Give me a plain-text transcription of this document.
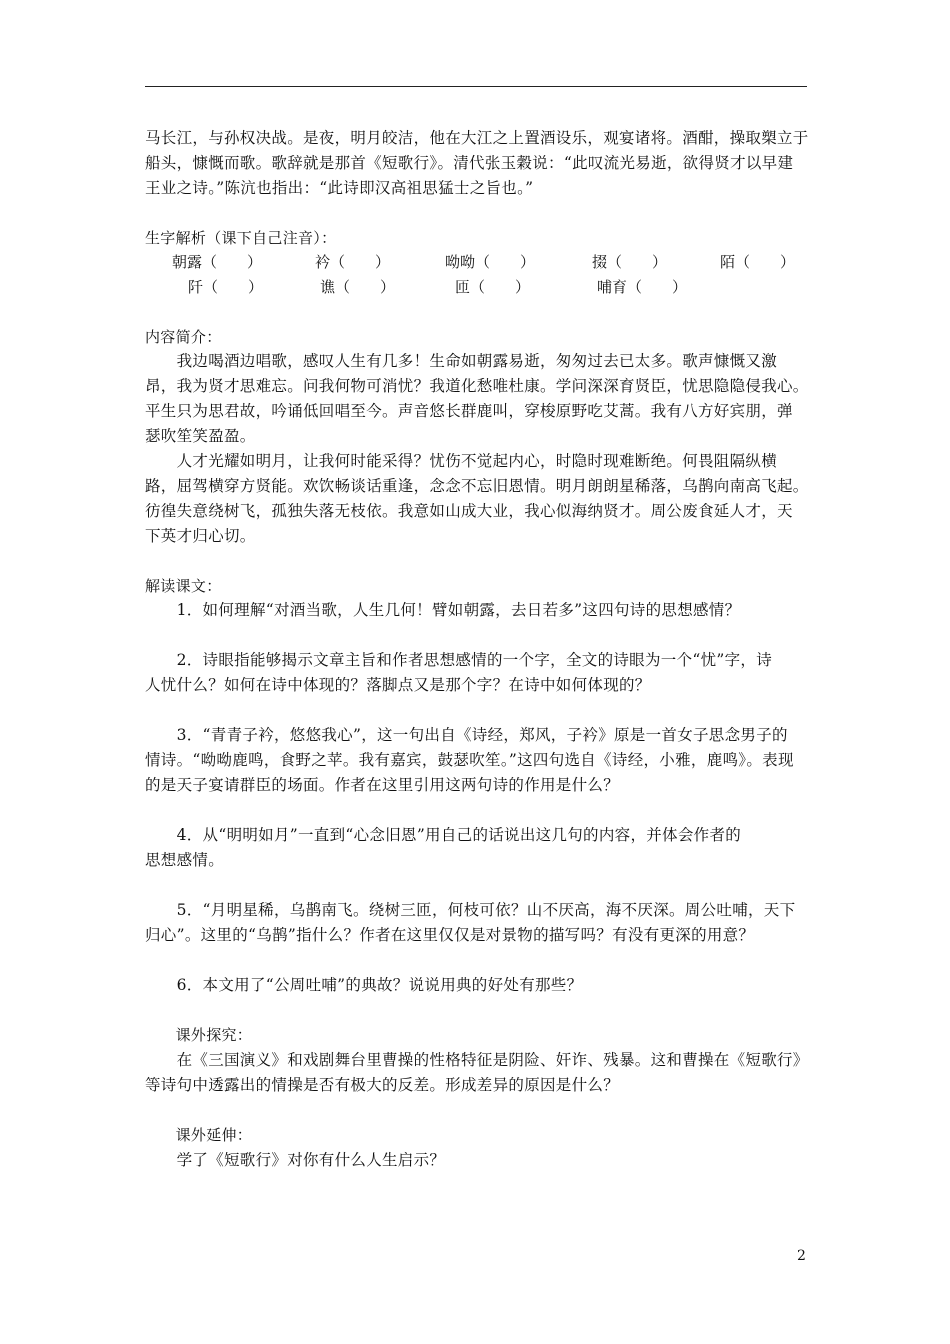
马长江，与孙权决战。是夜，明月皎洁，他在大江之上置酒设乐，观宴诸将。酒酣，操取槊立于
船头，慷慨而歌。歌辞就是那首《短歌行》。清代张玉穀说：“此叹流光易逝，欲得贤才以早建
王业之诗。”陈沆也指出：“此诗即汉高祖思猛士之旨也。”
生字解析（课下自己注音）：
朝露（　　）	衿（　　）	呦呦（　　）	掇（　　）	陌（　　）
阡（　　）	谯（　　）	匝（　　）	哺育（　　）
内容简介：
　　我边喝酒边唱歌，感叹人生有几多！生命如朝露易逝，匆匆过去已太多。歌声慷慨又激
昂，我为贤才思难忘。问我何物可消忧？我道化愁唯杜康。学问深深育贤臣，忧思隐隐侵我心。
平生只为思君故，吟诵低回唱至今。声音悠长群鹿叫，穿梭原野吃艾蒿。我有八方好宾朋，弹
瑟吹笙笑盈盈。
　　人才光耀如明月，让我何时能采得？忧伤不觉起内心，时隐时现难断绝。何畏阻隔纵横
路，屈驾横穿方贤能。欢饮畅谈话重逢，念念不忘旧恩情。明月朗朗星稀落，乌鹊向南高飞起。
彷徨失意绕树飞，孤独失落无枝依。我意如山成大业，我心似海纳贤才。周公废食延人才，天
下英才归心切。
解读课文：
　　1．如何理解“对酒当歌，人生几何！臂如朝露，去日若多”这四句诗的思想感情？
　　2．诗眼指能够揭示文章主旨和作者思想感情的一个字，全文的诗眼为一个“忧”字，诗
人忧什么？如何在诗中体现的？落脚点又是那个字？在诗中如何体现的？
　　3．“青青子衿，悠悠我心”，这一句出自《诗经，郑风，子衿》原是一首女子思念男子的
情诗。“呦呦鹿鸣，食野之苹。我有嘉宾，鼓瑟吹笙。”这四句选自《诗经，小雅，鹿鸣》。表现
的是天子宴请群臣的场面。作者在这里引用这两句诗的作用是什么？
　　4．从“明明如月”一直到“心念旧恩”用自己的话说出这几句的内容，并体会作者的
思想感情。
　　5．“月明星稀，乌鹊南飞。绕树三匝，何枝可依？山不厌高，海不厌深。周公吐哺，天下
归心”。这里的“乌鹊”指什么？作者在这里仅仅是对景物的描写吗？有没有更深的用意？
　　6．本文用了“公周吐哺”的典故？说说用典的好处有那些？
　　课外探究：
　　在《三国演义》和戏剧舞台里曹操的性格特征是阴险、奸诈、残暴。这和曹操在《短歌行》
等诗句中透露出的情操是否有极大的反差。形成差异的原因是什么？
　　课外延伸：
　　学了《短歌行》对你有什么人生启示？
2
